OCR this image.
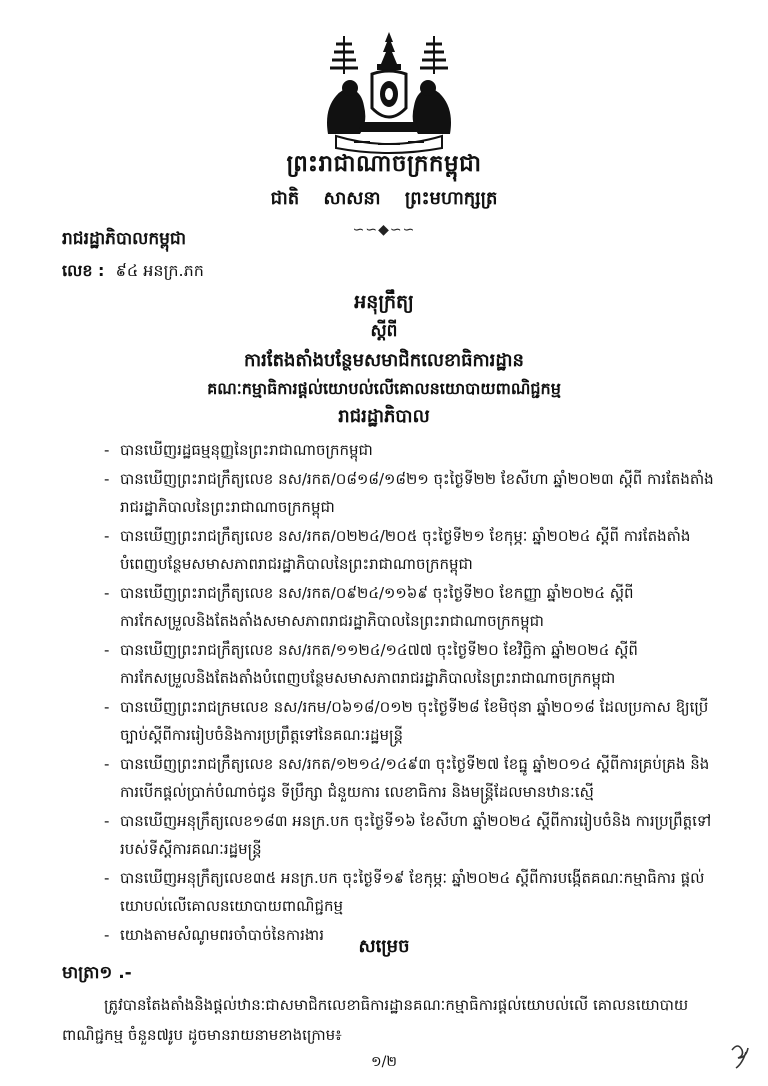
ព្រះរាជាណាចក្រកម្ពុជា
ជាតិ សាសនា ព្រះមហាក្សត្រ
∽∽◆∽∽
រាជរដ្ឋាភិបាលកម្ពុជា
លេខ : ៩៤ អនក្រ.ភក
អនុក្រឹត្យ
ស្តីពី
ការតែងតាំងបន្ថែមសមាជិកលេខាធិការដ្ឋាន
គណៈកម្មាធិការផ្តល់យោបល់លើគោលនយោបាយពាណិជ្ជកម្ម
រាជរដ្ឋាភិបាល
- បានឃើញរដ្ឋធម្មនុញ្ញនៃព្រះរាជាណាចក្រកម្ពុជា
- បានឃើញព្រះរាជក្រឹត្យលេខ នស/រកត/០៨១៨/១៨២១ ចុះថ្ងៃទី២២ ខែសីហា ឆ្នាំ២០២៣ ស្តីពី ការតែងតាំងរាជរដ្ឋាភិបាលនៃព្រះរាជាណាចក្រកម្ពុជា
- បានឃើញព្រះរាជក្រឹត្យលេខ នស/រកត/០២២៤/២០៥ ចុះថ្ងៃទី២១ ខែកុម្ភៈ ឆ្នាំ២០២៤ ស្តីពី ការតែងតាំងបំពេញបន្ថែមសមាសភាពរាជរដ្ឋាភិបាលនៃព្រះរាជាណាចក្រកម្ពុជា
- បានឃើញព្រះរាជក្រឹត្យលេខ នស/រកត/០៩២៤/១១៦៩ ចុះថ្ងៃទី២០ ខែកញ្ញា ឆ្នាំ២០២៤ ស្តីពី ការកែសម្រួលនិងតែងតាំងសមាសភាពរាជរដ្ឋាភិបាលនៃព្រះរាជាណាចក្រកម្ពុជា
- បានឃើញព្រះរាជក្រឹត្យលេខ នស/រកត/១១២៤/១៤៧៧ ចុះថ្ងៃទី២០ ខែវិច្ឆិកា ឆ្នាំ២០២៤ ស្តីពី ការកែសម្រួលនិងតែងតាំងបំពេញបន្ថែមសមាសភាពរាជរដ្ឋាភិបាលនៃព្រះរាជាណាចក្រកម្ពុជា
- បានឃើញព្រះរាជក្រមលេខ នស/រកម/០៦១៨/០១២ ចុះថ្ងៃទី២៨ ខែមិថុនា ឆ្នាំ២០១៨ ដែលប្រកាស ឱ្យប្រើច្បាប់ស្តីពីការរៀបចំនិងការប្រព្រឹត្តទៅនៃគណៈរដ្ឋមន្ត្រី
- បានឃើញព្រះរាជក្រឹត្យលេខ នស/រកត/១២១៤/១៤៩៣ ចុះថ្ងៃទី២៧ ខែធ្នូ ឆ្នាំ២០១៤ ស្តីពីការគ្រប់គ្រង និងការបើកផ្តល់ប្រាក់បំណាច់ជូន ទីប្រឹក្សា ជំនួយការ លេខាធិការ និងមន្ត្រីដែលមានឋានៈស្មើ
- បានឃើញអនុក្រឹត្យលេខ១៨៣ អនក្រ.បក ចុះថ្ងៃទី១៦ ខែសីហា ឆ្នាំ២០២៤ ស្តីពីការរៀបចំនិង ការប្រព្រឹត្តទៅរបស់ទីស្តីការគណៈរដ្ឋមន្ត្រី
- បានឃើញអនុក្រឹត្យលេខ៣៥ អនក្រ.បក ចុះថ្ងៃទី១៩ ខែកុម្ភៈ ឆ្នាំ២០២៤ ស្តីពីការបង្កើតគណៈកម្មាធិការ ផ្តល់យោបល់លើគោលនយោបាយពាណិជ្ជកម្ម
- យោងតាមសំណូមពរចាំបាច់នៃការងារ
សម្រេច
មាត្រា១ .-

ត្រូវបានតែងតាំងនិងផ្តល់ឋានៈជាសមាជិកលេខាធិការដ្ឋានគណៈកម្មាធិការផ្តល់យោបល់លើ គោលនយោបាយពាណិជ្ជកម្ម ចំនួន៧រូប ដូចមានរាយនាមខាងក្រោម៖

១/២
